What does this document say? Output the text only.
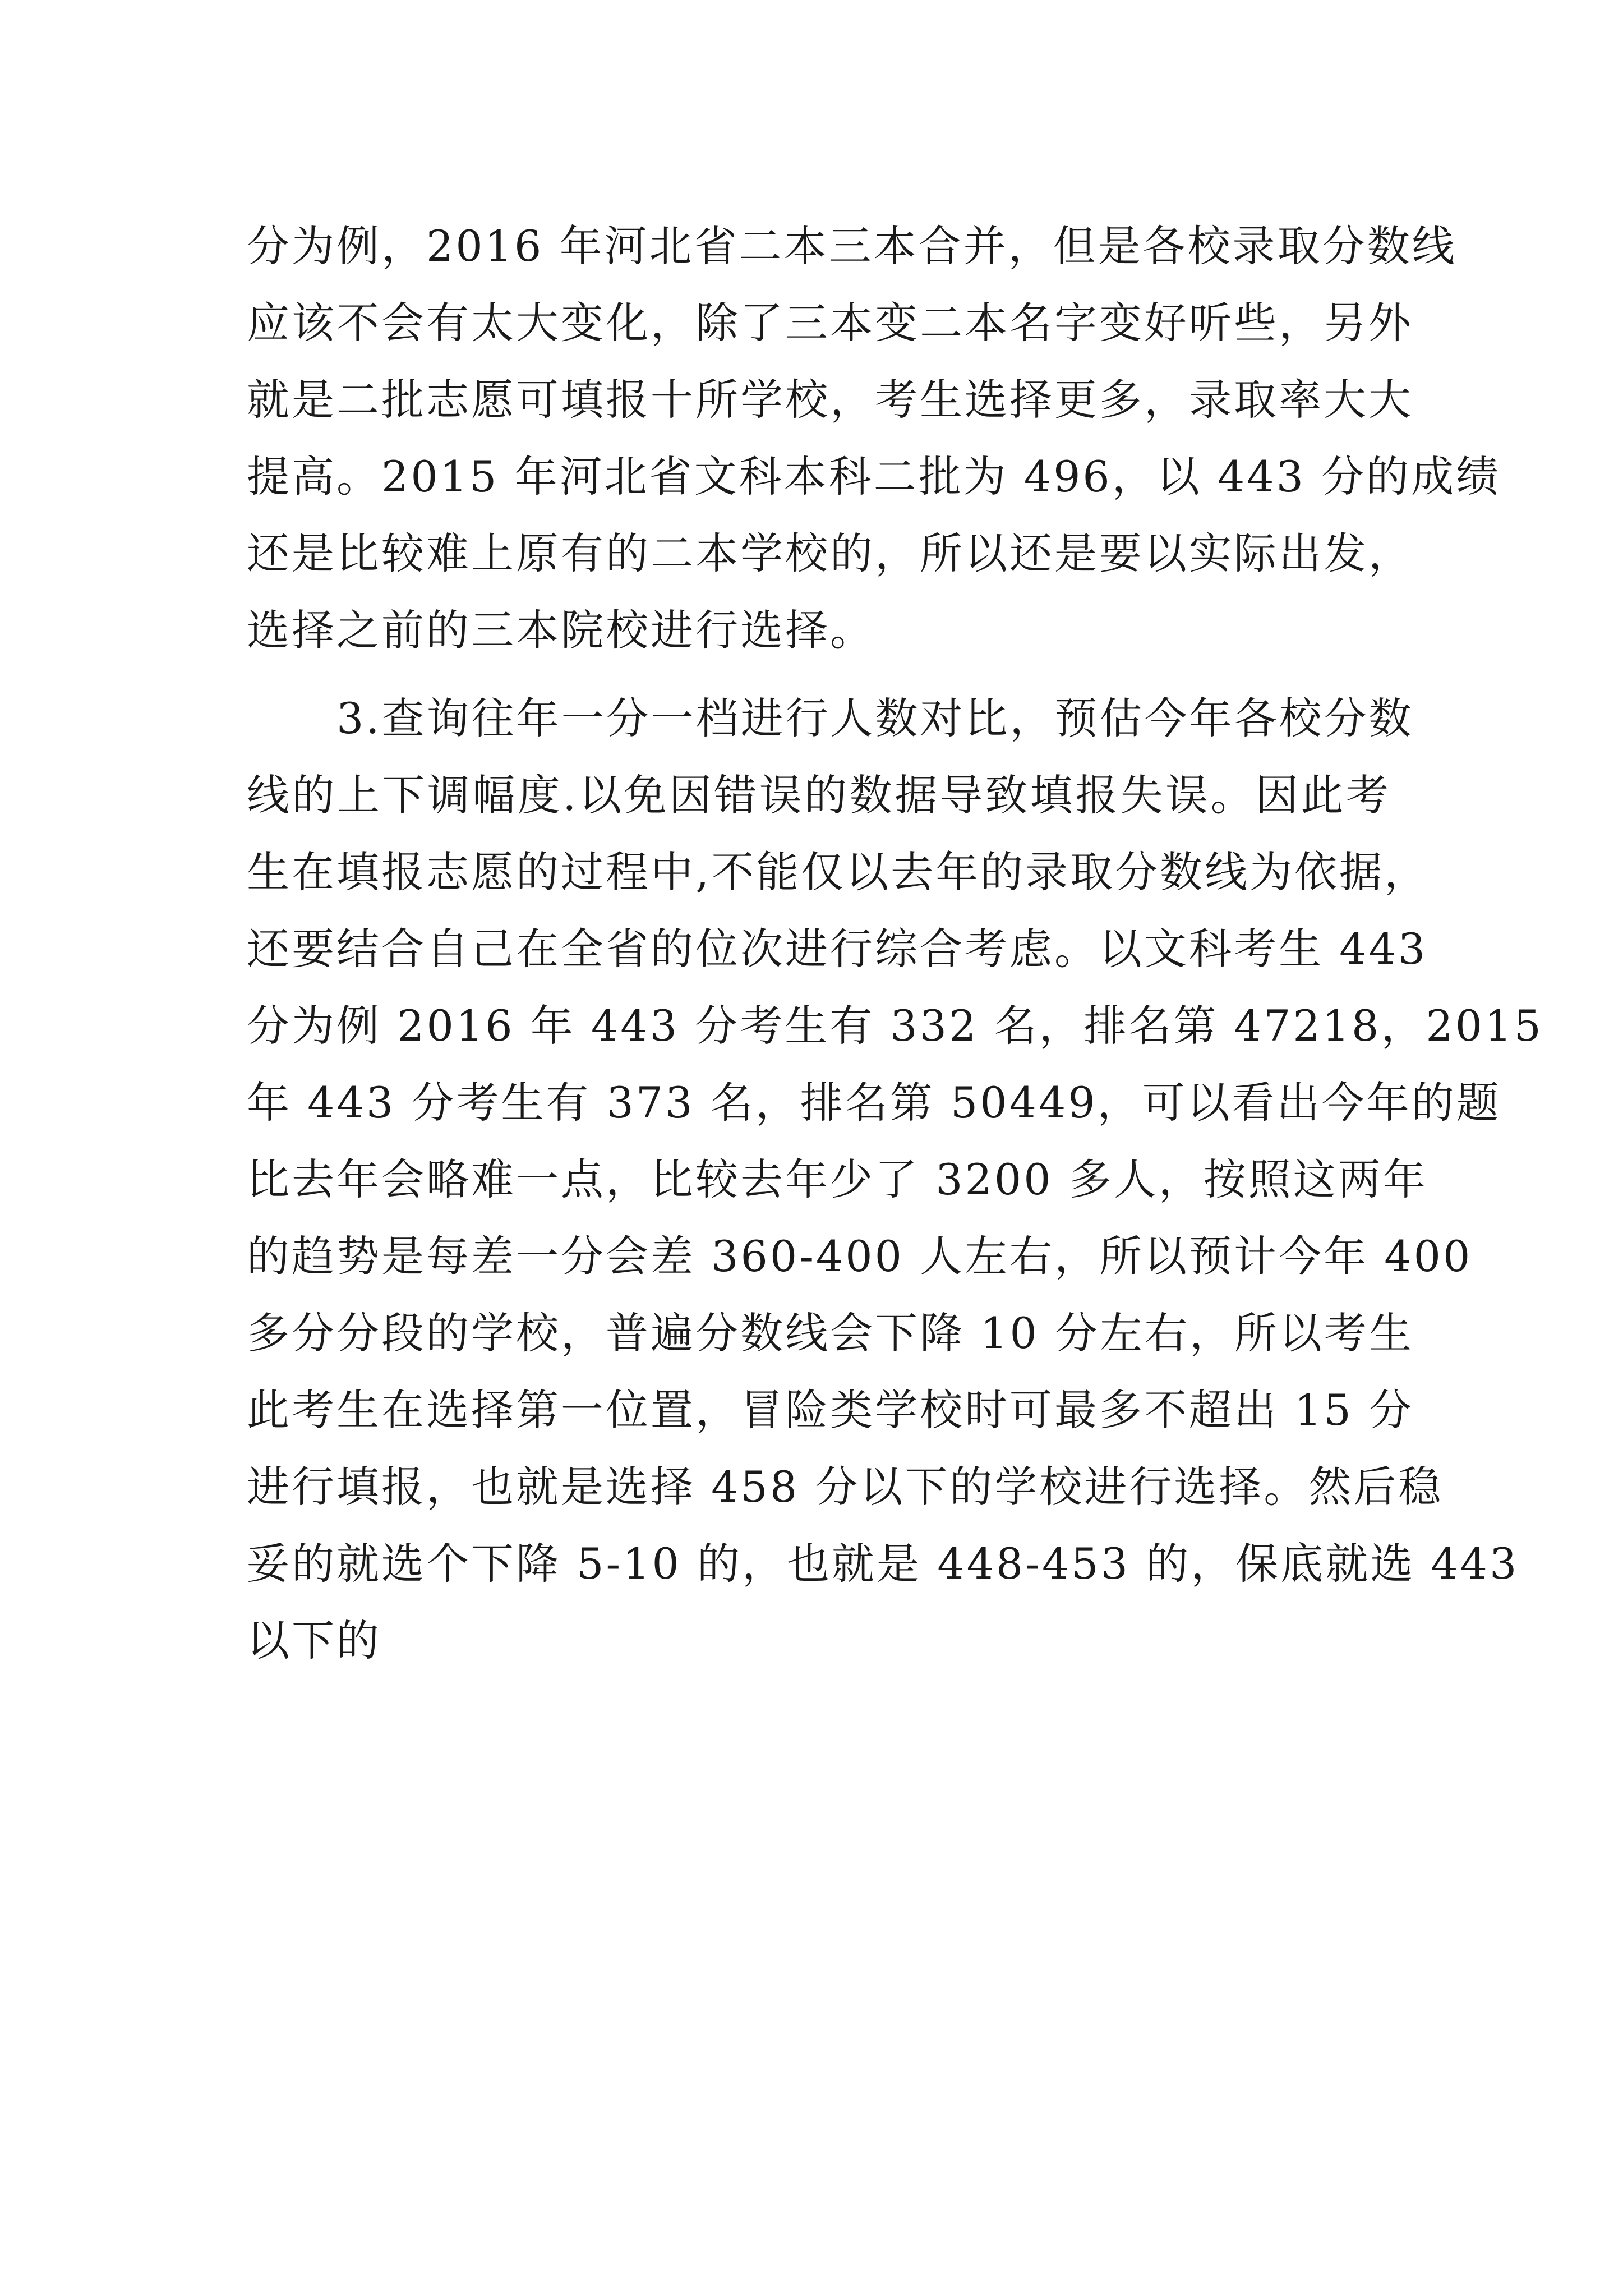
分为例，2016 年河北省二本三本合并，但是各校录取分数线
应该不会有太大变化，除了三本变二本名字变好听些，另外
就是二批志愿可填报十所学校，考生选择更多，录取率大大
提高。2015 年河北省文科本科二批为 496，以 443 分的成绩
还是比较难上原有的二本学校的，所以还是要以实际出发，
选择之前的三本院校进行选择。
3.查询往年一分一档进行人数对比，预估今年各校分数
线的上下调幅度.以免因错误的数据导致填报失误。因此考
生在填报志愿的过程中,不能仅以去年的录取分数线为依据，
还要结合自己在全省的位次进行综合考虑。以文科考生 443
分为例 2016 年 443 分考生有 332 名，排名第 47218，2015
年 443 分考生有 373 名，排名第 50449，可以看出今年的题
比去年会略难一点，比较去年少了 3200 多人，按照这两年
的趋势是每差一分会差 360-400 人左右，所以预计今年 400
多分分段的学校，普遍分数线会下降 10 分左右，所以考生
此考生在选择第一位置，冒险类学校时可最多不超出 15 分
进行填报，也就是选择 458 分以下的学校进行选择。然后稳
妥的就选个下降 5-10 的，也就是 448-453 的，保底就选 443
以下的
